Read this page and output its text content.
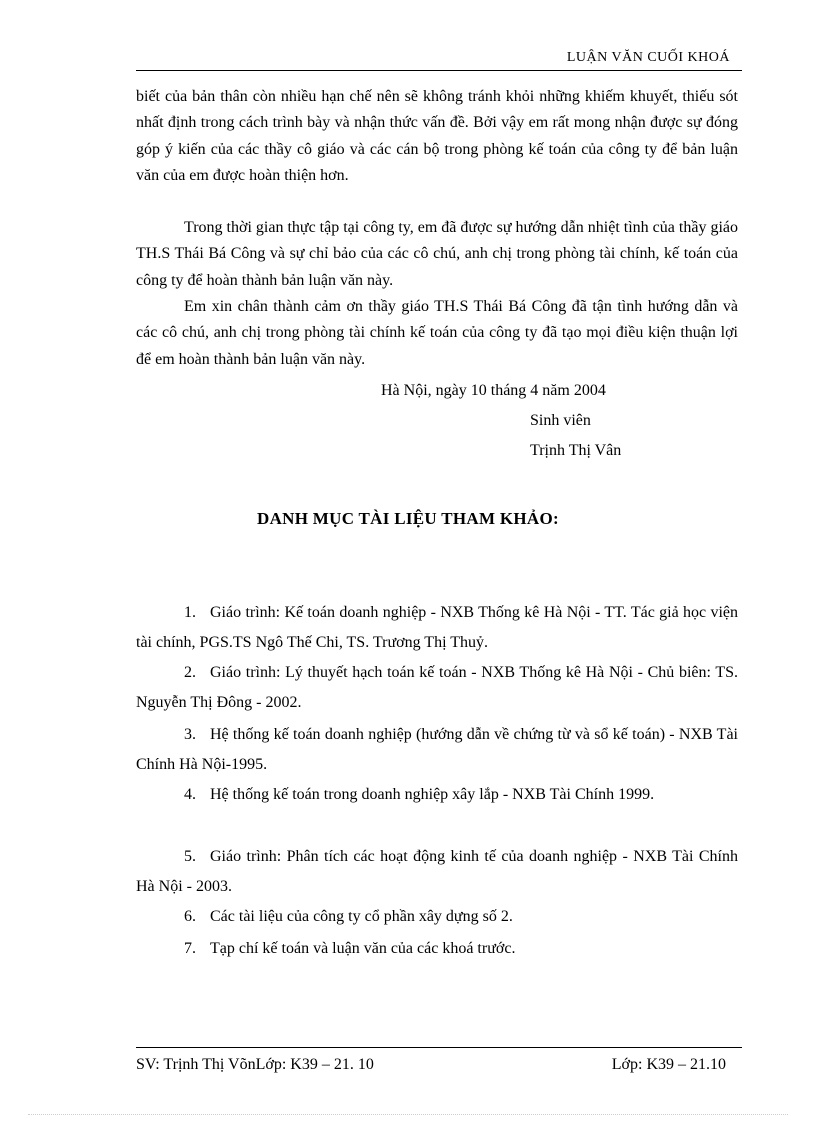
LUẬN VĂN CUỐI KHOÁ

biết của bản thân còn nhiều hạn chế nên sẽ không tránh khỏi những khiếm khuyết, thiếu sót nhất định trong cách trình bày và nhận thức vấn đề. Bởi vậy em rất mong nhận được sự đóng góp ý kiến của các thầy cô giáo và các cán bộ trong phòng kế toán của công ty để bản luận văn của em được hoàn thiện hơn.

Trong thời gian thực tập tại công ty, em đã được sự hướng dẫn nhiệt tình của thầy giáo TH.S Thái Bá Công và sự chỉ bảo của các cô chú, anh chị trong phòng tài chính, kế toán của công ty để hoàn thành bản luận văn này.

Em xin chân thành cảm ơn thầy giáo TH.S Thái Bá Công đã tận tình hướng dẫn và các cô chú, anh chị trong phòng tài chính kế toán của công ty đã tạo mọi điều kiện thuận lợi để em hoàn thành bản luận văn này.

Hà Nội, ngày 10 tháng 4 năm 2004
Sinh viên
Trịnh Thị Vân
DANH MỤC TÀI LIỆU THAM KHẢO:
1. Giáo trình: Kế toán doanh nghiệp - NXB Thống kê Hà Nội - TT. Tác giả học viện tài chính, PGS.TS Ngô Thế Chi, TS. Trương Thị Thuỷ.
2. Giáo trình: Lý thuyết hạch toán kế toán - NXB Thống kê Hà Nội - Chủ biên: TS. Nguyễn Thị Đông - 2002.
3. Hệ thống kế toán doanh nghiệp (hướng dẫn về chứng từ và sổ kế toán) - NXB Tài Chính Hà Nội-1995.
4. Hệ thống kế toán trong doanh nghiệp xây lắp - NXB Tài Chính 1999.
5. Giáo trình: Phân tích các hoạt động kinh tế của doanh nghiệp - NXB Tài Chính Hà Nội - 2003.
6. Các tài liệu của công ty cổ phần xây dựng số 2.
7. Tạp chí kế toán và luận văn của các khoá trước.
SV: Trịnh Thị VõnLớp: K39 – 21. 10	Lớp: K39 – 21.10
